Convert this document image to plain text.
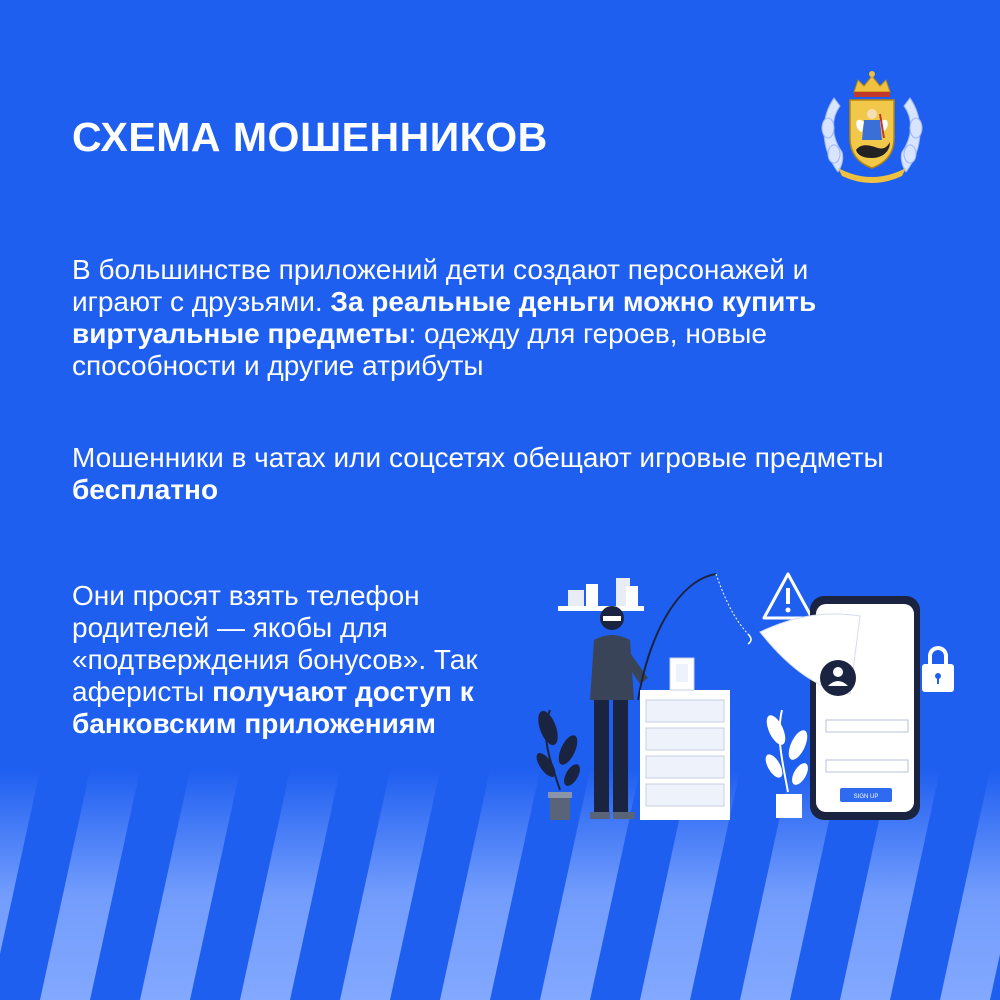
СХЕМА МОШЕННИКОВ

В большинстве приложений дети создают персонажей и играют с друзьями. За реальные деньги можно купить виртуальные предметы: одежду для героев, новые способности и другие атрибуты

Мошенники в чатах или соцсетях обещают игровые предметы бесплатно

Они просят взять телефон родителей — якобы для «подтверждения бонусов». Так аферисты получают доступ к банковским приложениям

SIGN UP
